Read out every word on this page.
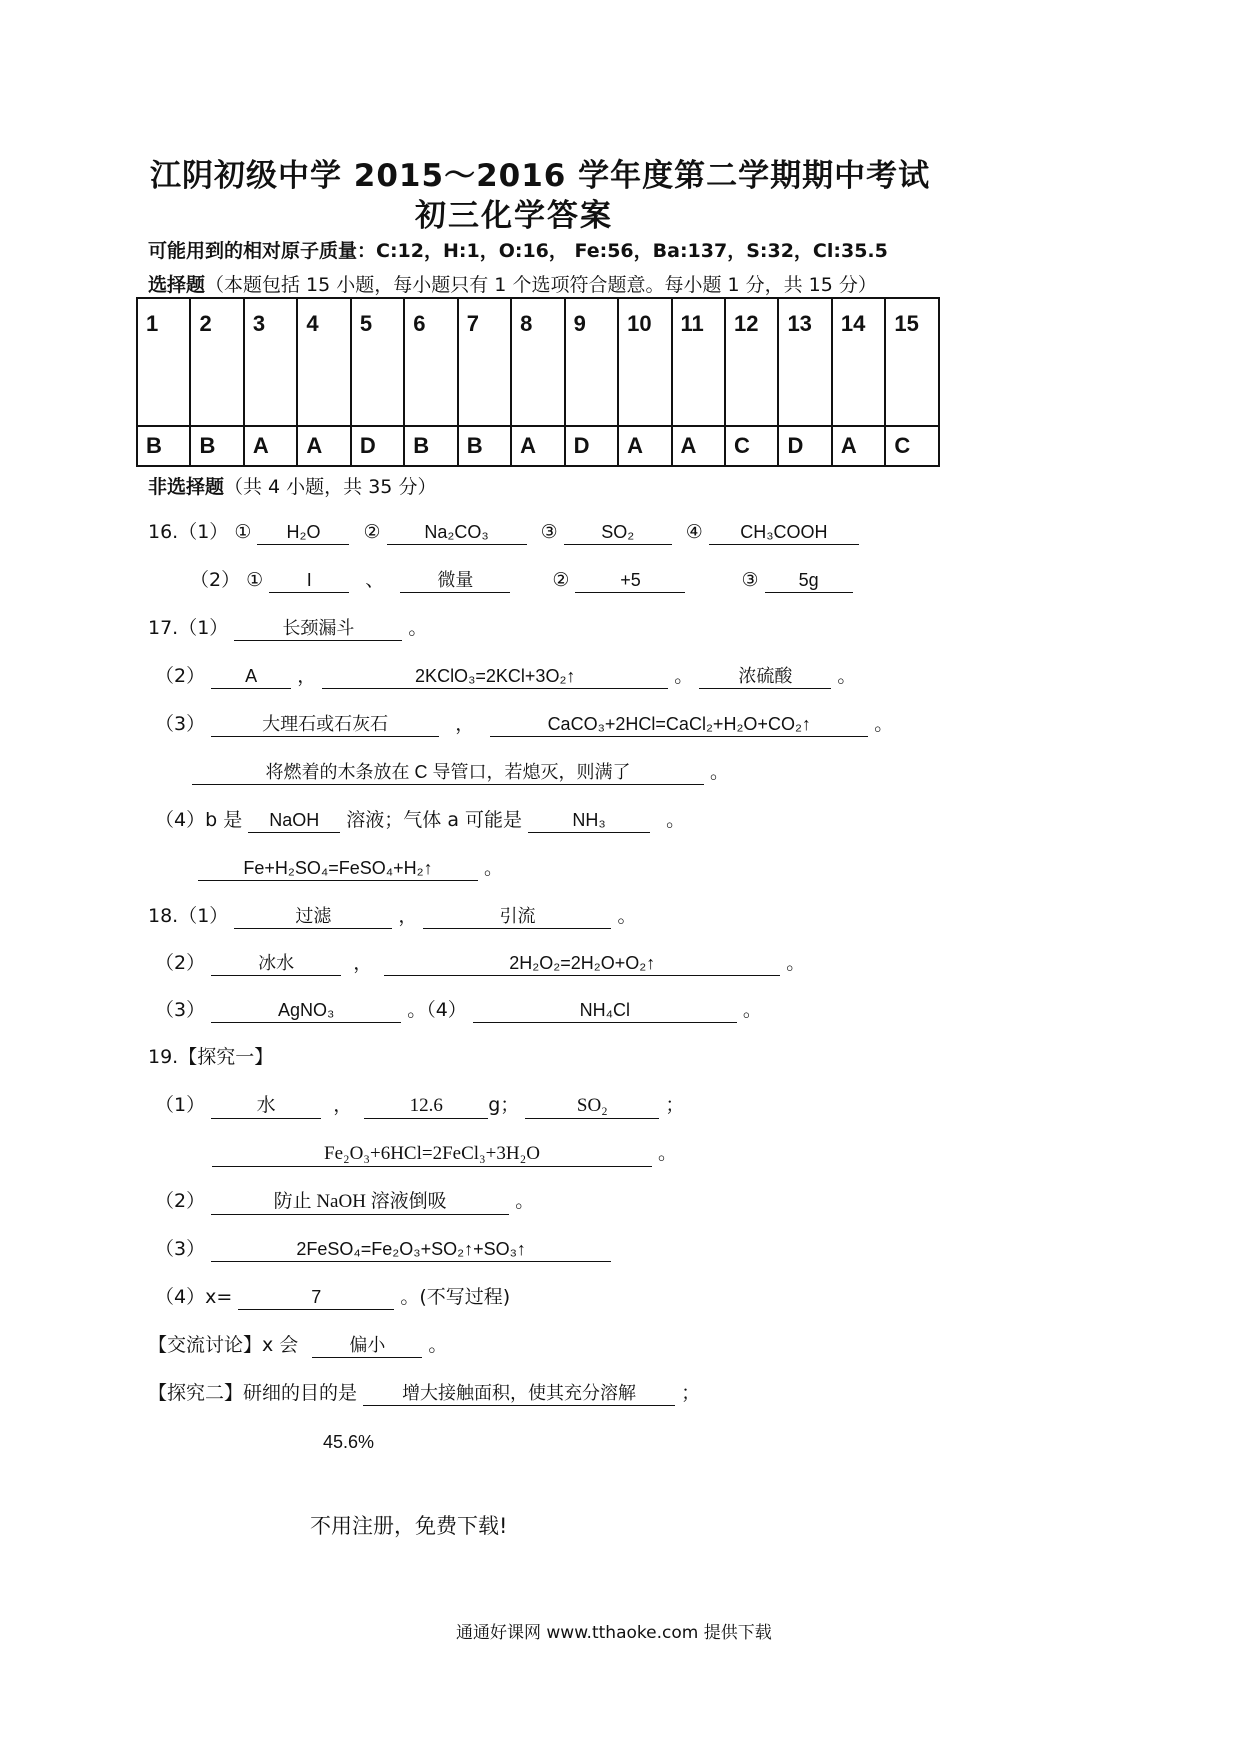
江阴初级中学 2015～2016 学年度第二学期期中考试
初三化学答案
可能用到的相对原子质量：C:12，H:1，O:16， Fe:56，Ba:137，S:32，Cl:35.5
选择题（本题包括 15 小题，每小题只有 1 个选项符合题意。每小题 1 分，共 15 分）
1	2	3	4	5	6	7	8	9	10	11	12	13	14	15
B	B	A	A	D	B	B	A	D	A	A	C	D	A	C
非选择题（共 4 小题，共 35 分）
16.（1） ① H₂O ② Na₂CO₃	③ SO₂	④ CH₃COOH
（2） ① I	、	微量	②	+5	③ 5g
17.（1）	长颈漏斗	。
（2） A ，	2KClO₃=2KCl+3O₂↑	。	浓硫酸 。
（3）	大理石或石灰石	，	CaCO₃+2HCl=CaCl₂+H₂O+CO₂↑	。
将燃着的木条放在 C 导管口，若熄灭，则满了	。
（4）b 是 NaOH 溶液；气体 a 可能是	NH₃	。
Fe+H₂SO₄=FeSO₄+H₂↑	。
18.（1）	过滤	，	引流	。
（2）	冰水	，	2H₂O₂=2H₂O+O₂↑	。
（3）	AgNO₃	。（4）	NH₄Cl	。
19.【探究一】
（1）	水	，	12.6 g；	SO₂	；
Fe₂O₃+6HCl=2FeCl₃+3H₂O	。
（2）	防止 NaOH 溶液倒吸	。
（3）	2FeSO₄=Fe₂O₃+SO₂↑+SO₃↑
（4）x=	7	。(不写过程)
【交流讨论】x 会	偏小 。
【探究二】研细的目的是	增大接触面积，使其充分溶解 ；
45.6%
不用注册，免费下载!
通通好课网 www.tthaoke.com 提供下载
